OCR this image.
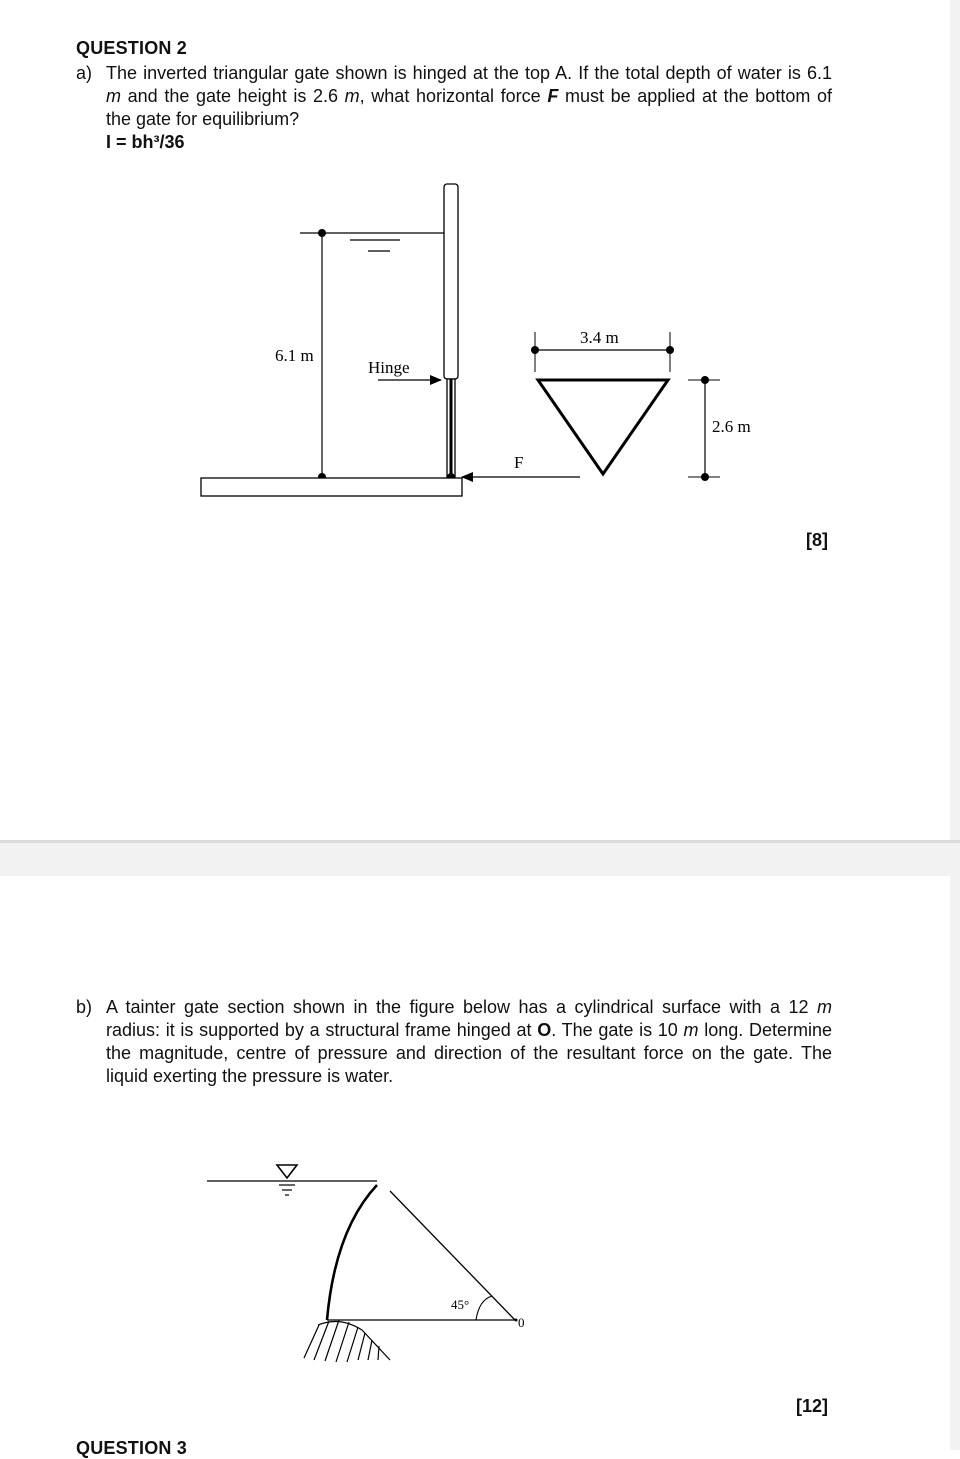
QUESTION 2
a) The inverted triangular gate shown is hinged at the top A. If the total depth of water is 6.1 m and the gate height is 2.6 m, what horizontal force F must be applied at the bottom of the gate for equilibrium?
I = bh³/36
6.1 m
Hinge
F
3.4 m
2.6 m
[8]
b) A tainter gate section shown in the figure below has a cylindrical surface with a 12 m radius: it is supported by a structural frame hinged at O. The gate is 10 m long. Determine the magnitude, centre of pressure and direction of the resultant force on the gate. The liquid exerting the pressure is water.
45°
0
[12]
QUESTION 3
